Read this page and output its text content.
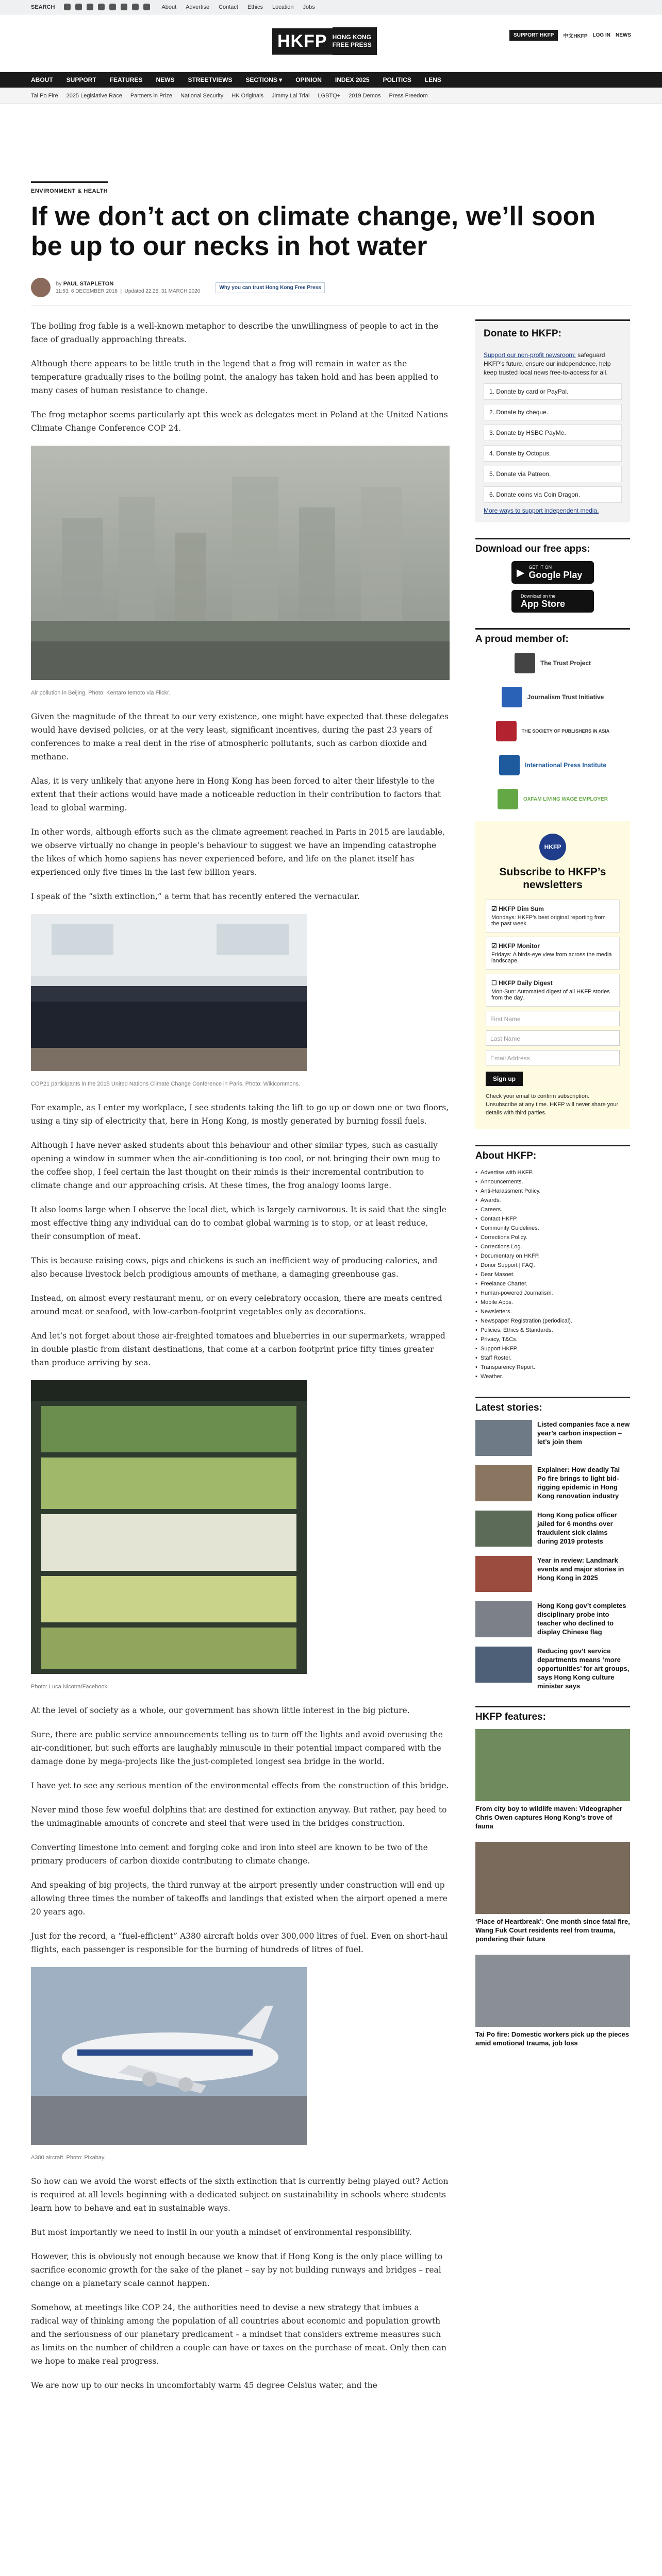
SEARCH	About Advertise Contact Ethics Location Jobs
HKFP HONG KONG
FREE PRESS
SUPPORT HKFP	中文HKFP LOG IN NEWS
ABOUT SUPPORT FEATURES NEWS STREETVIEWS SECTIONS ▾ OPINION INDEX 2025 POLITICS LENS
Tai Po Fire 2025 Legislative Race Partners in Prize National Security HK Originals Jimmy Lai Trial LGBTQ+ 2019 Demos Press Freedom
ENVIRONMENT & HEALTH
If we don’t act on climate change, we’ll soon be up to our necks in hot water
by PAUL STAPLETON
11:53, 6 DECEMBER 2018  |  Updated 22:25, 31 MARCH 2020
Why you can trust Hong Kong Free Press

The boiling frog fable is a well-known metaphor to describe the unwillingness of people to act in the face of gradually approaching threats.

Although there appears to be little truth in the legend that a frog will remain in water as the temperature gradually rises to the boiling point, the analogy has taken hold and has been applied to many cases of human resistance to change.

The frog metaphor seems particularly apt this week as delegates meet in Poland at the United Nations Climate Change Conference COP 24.

Air pollution in Beijing. Photo: Kentaro Iemoto via Flickr.

Given the magnitude of the threat to our very existence, one might have expected that these delegates would have devised policies, or at the very least, significant incentives, during the past 23 years of conferences to make a real dent in the rise of atmospheric pollutants, such as carbon dioxide and methane.

Alas, it is very unlikely that anyone here in Hong Kong has been forced to alter their lifestyle to the extent that their actions would have made a noticeable reduction in their contribution to factors that lead to global warming.

In other words, although efforts such as the climate agreement reached in Paris in 2015 are laudable, we observe virtually no change in people’s behaviour to suggest we have an impending catastrophe the likes of which homo sapiens has never experienced before, and life on the planet itself has experienced only five times in the last few billion years.

I speak of the “sixth extinction,” a term that has recently entered the vernacular.

COP21 participants in the 2015 United Nations Climate Change Conference in Paris. Photo: Wikicommons.

For example, as I enter my workplace, I see students taking the lift to go up or down one or two floors, using a tiny sip of electricity that, here in Hong Kong, is mostly generated by burning fossil fuels.

Although I have never asked students about this behaviour and other similar types, such as casually opening a window in summer when the air-conditioning is too cool, or not bringing their own mug to the coffee shop, I feel certain the last thought on their minds is their incremental contribution to climate change and our approaching crisis. At these times, the frog analogy looms large.

It also looms large when I observe the local diet, which is largely carnivorous. It is said that the single most effective thing any individual can do to combat global warming is to stop, or at least reduce, their consumption of meat.

This is because raising cows, pigs and chickens is such an inefficient way of producing calories, and also because livestock belch prodigious amounts of methane, a damaging greenhouse gas.

Instead, on almost every restaurant menu, or on every celebratory occasion, there are meats centred around meat or seafood, with low-carbon-footprint vegetables only as decorations.

And let’s not forget about those air-freighted tomatoes and blueberries in our supermarkets, wrapped in double plastic from distant destinations, that come at a carbon footprint price fifty times greater than produce arriving by sea.

Photo: Luca Nicotra/Facebook.

At the level of society as a whole, our government has shown little interest in the big picture.

Sure, there are public service announcements telling us to turn off the lights and avoid overusing the air-conditioner, but such efforts are laughably minuscule in their potential impact compared with the damage done by mega-projects like the just-completed longest sea bridge in the world.

I have yet to see any serious mention of the environmental effects from the construction of this bridge.

Never mind those few woeful dolphins that are destined for extinction anyway. But rather, pay heed to the unimaginable amounts of concrete and steel that were used in the bridges construction.

Converting limestone into cement and forging coke and iron into steel are known to be two of the primary producers of carbon dioxide contributing to climate change.

And speaking of big projects, the third runway at the airport presently under construction will end up allowing three times the number of takeoffs and landings that existed when the airport opened a mere 20 years ago.

Just for the record, a “fuel-efficient” A380 aircraft holds over 300,000 litres of fuel. Even on short-haul flights, each passenger is responsible for the burning of hundreds of litres of fuel.

A380 aircraft. Photo: Pixabay.

So how can we avoid the worst effects of the sixth extinction that is currently being played out? Action is required at all levels beginning with a dedicated subject on sustainability in schools where students learn how to behave and eat in sustainable ways.

But most importantly we need to instil in our youth a mindset of environmental responsibility.

However, this is obviously not enough because we know that if Hong Kong is the only place willing to sacrifice economic growth for the sake of the planet – say by not building runways and bridges – real change on a planetary scale cannot happen.

Somehow, at meetings like COP 24, the authorities need to devise a new strategy that imbues a radical way of thinking among the population of all countries about economic and population growth and the seriousness of our planetary predicament – a mindset that considers extreme measures such as limits on the number of children a couple can have or taxes on the purchase of meat. Only then can we hope to make real progress.

We are now up to our necks in uncomfortably warm 45 degree Celsius water, and the

Donate to HKFP:
Support our non-profit newsroom: safeguard HKFP’s future, ensure our independence, help keep trusted local news free-to-access for all.
1. Donate by card or PayPal.
2. Donate by cheque.
3. Donate by HSBC PayMe.
4. Donate by Octopus.
5. Donate via Patreon.
6. Donate coins via Coin Dragon.
More ways to support independent media.
Download our free apps:
▶ GET IT ON
Google Play
Download on the
App Store
A proud member of:
The Trust Project
Journalism Trust Initiative
THE SOCIETY OF PUBLISHERS IN ASIA
International Press Institute
OXFAM LIVING WAGE EMPLOYER
HKFP
Subscribe to HKFP’s newsletters
☑ HKFP Dim Sum
Mondays: HKFP’s best original reporting from the past week.
☑ HKFP Monitor
Fridays: A birds-eye view from across the media landscape.
☐ HKFP Daily Digest
Mon-Sun: Automated digest of all HKFP stories from the day.
First Name
Last Name
Email Address
Sign up
Check your email to confirm subscription. Unsubscribe at any time. HKFP will never share your details with third parties.
About HKFP:
• Advertise with HKFP.
• Announcements.
• Anti-Harassment Policy.
• Awards.
• Careers.
• Contact HKFP.
• Community Guidelines.
• Corrections Policy.
• Corrections Log.
• Documentary on HKFP.
• Donor Support | FAQ.
• Dear Masoet.
• Freelance Charter.
• Human-powered Journalism.
• Mobile Apps.
• Newsletters.
• Newspaper Registration (periodical).
• Policies, Ethics & Standards.
• Privacy, T&Cs.
• Support HKFP.
• Staff Roster.
• Transparency Report.
• Weather.
Latest stories:
Listed companies face a new year’s carbon inspection – let’s join them
Explainer: How deadly Tai Po fire brings to light bid-rigging epidemic in Hong Kong renovation industry
Hong Kong police officer jailed for 6 months over fraudulent sick claims during 2019 protests
Year in review: Landmark events and major stories in Hong Kong in 2025
Hong Kong gov’t completes disciplinary probe into teacher who declined to display Chinese flag
Reducing gov’t service departments means ‘more opportunities’ for art groups, says Hong Kong culture minister says
HKFP features:
From city boy to wildlife maven: Videographer Chris Owen captures Hong Kong’s trove of fauna
‘Place of Heartbreak’: One month since fatal fire, Wang Fuk Court residents reel from trauma, pondering their future
Tai Po fire: Domestic workers pick up the pieces amid emotional trauma, job loss
